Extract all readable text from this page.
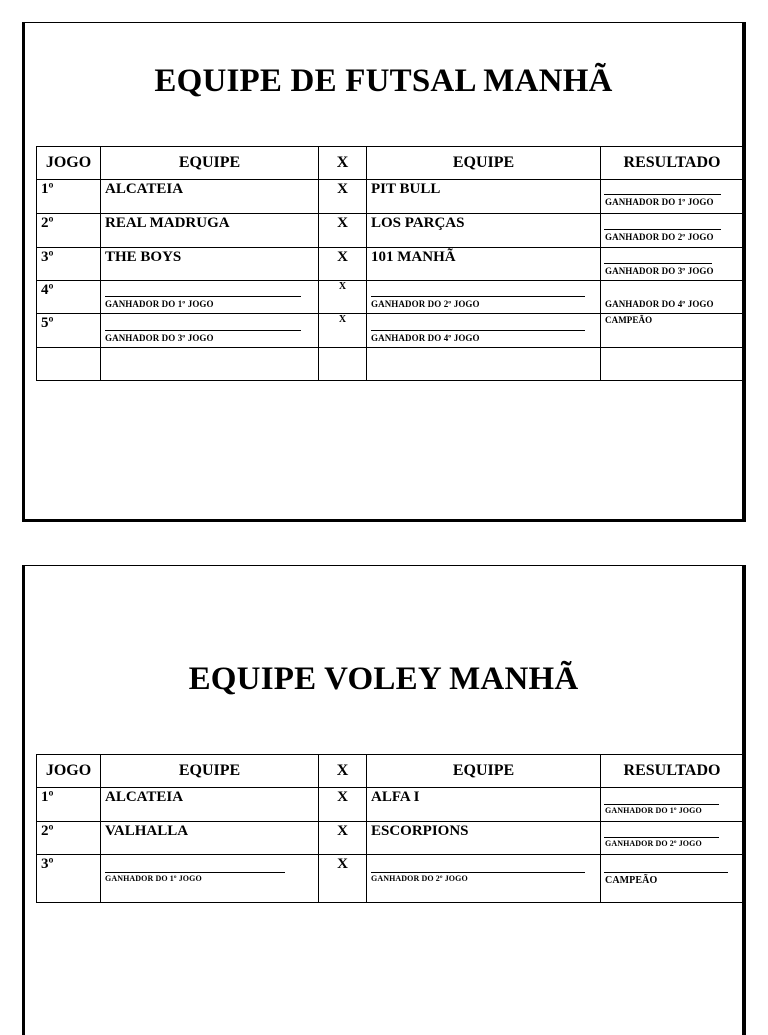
EQUIPE DE FUTSAL MANHÃ
JOGO	EQUIPE	X	EQUIPE	RESULTADO

1º	ALCATEIA	X	PIT BULL	GANHADOR DO 1º JOGO

2º	REAL MADRUGA	X	LOS PARÇAS	GANHADOR DO 2º JOGO

3º	THE BOYS	X	101 MANHÃ	GANHADOR DO 3º JOGO

4º	GANHADOR DO 1º JOGO	X	GANHADOR DO 2º JOGO	GANHADOR DO 4º JOGO

5º	GANHADOR DO 3º JOGO	X	GANHADOR DO 4º JOGO	CAMPEÃO

EQUIPE VOLEY MANHÃ
JOGO	EQUIPE	X	EQUIPE	RESULTADO

1º	ALCATEIA	X	ALFA I	GANHADOR DO 1º JOGO

2º	VALHALLA	X	ESCORPIONS	GANHADOR DO 2º JOGO

3º	GANHADOR DO 1º JOGO	X	GANHADOR DO 2º JOGO	CAMPEÃO
